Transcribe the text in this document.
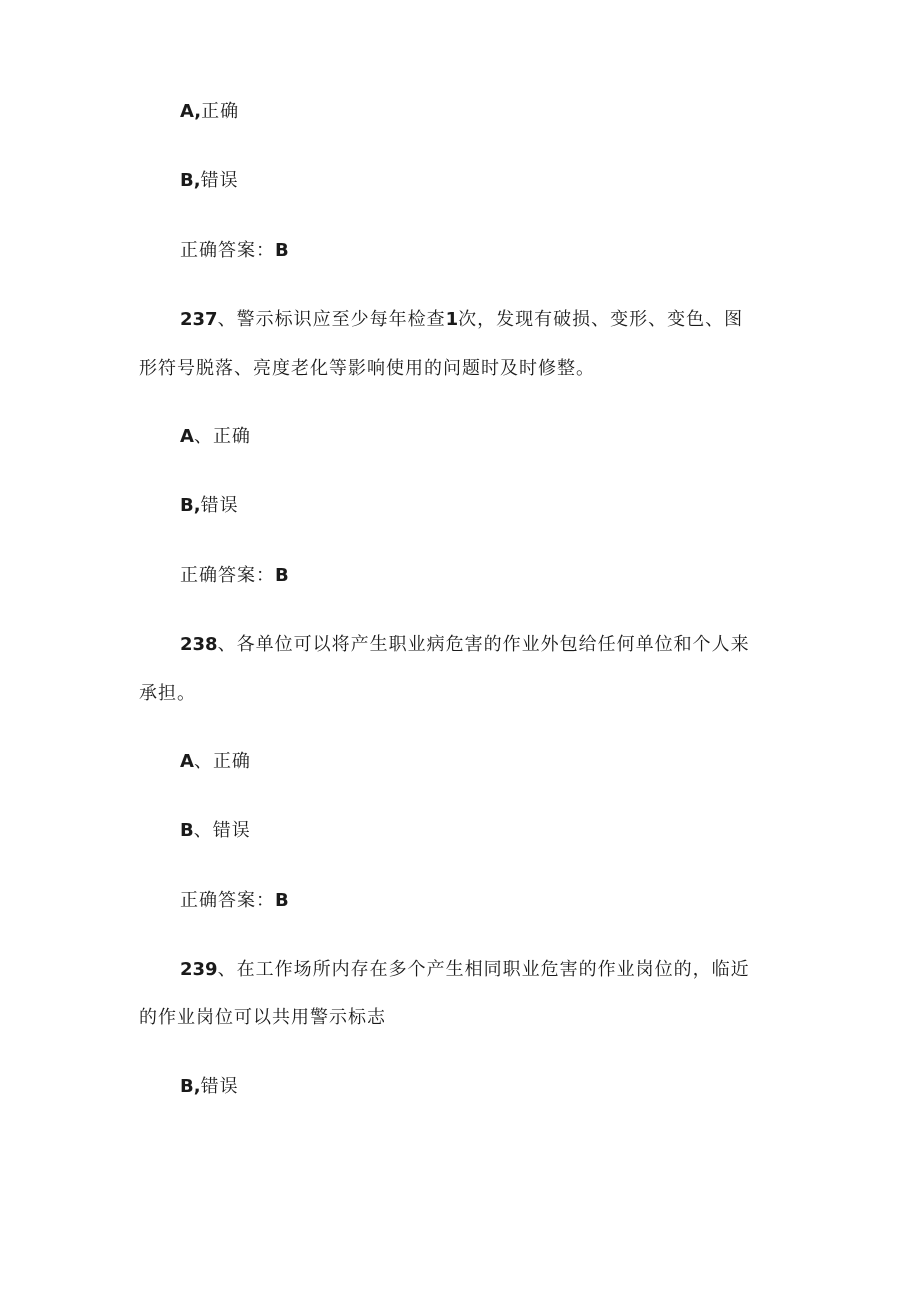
A,正确
B,错误
正确答案：B
237、警示标识应至少每年检查1次，发现有破损、变形、变色、图
形符号脱落、亮度老化等影响使用的问题时及时修整。
A、正确
B,错误
正确答案：B
238、各单位可以将产生职业病危害的作业外包给任何单位和个人来
承担。
A、正确
B、错误
正确答案：B
239、在工作场所内存在多个产生相同职业危害的作业岗位的，临近
的作业岗位可以共用警示标志
B,错误
